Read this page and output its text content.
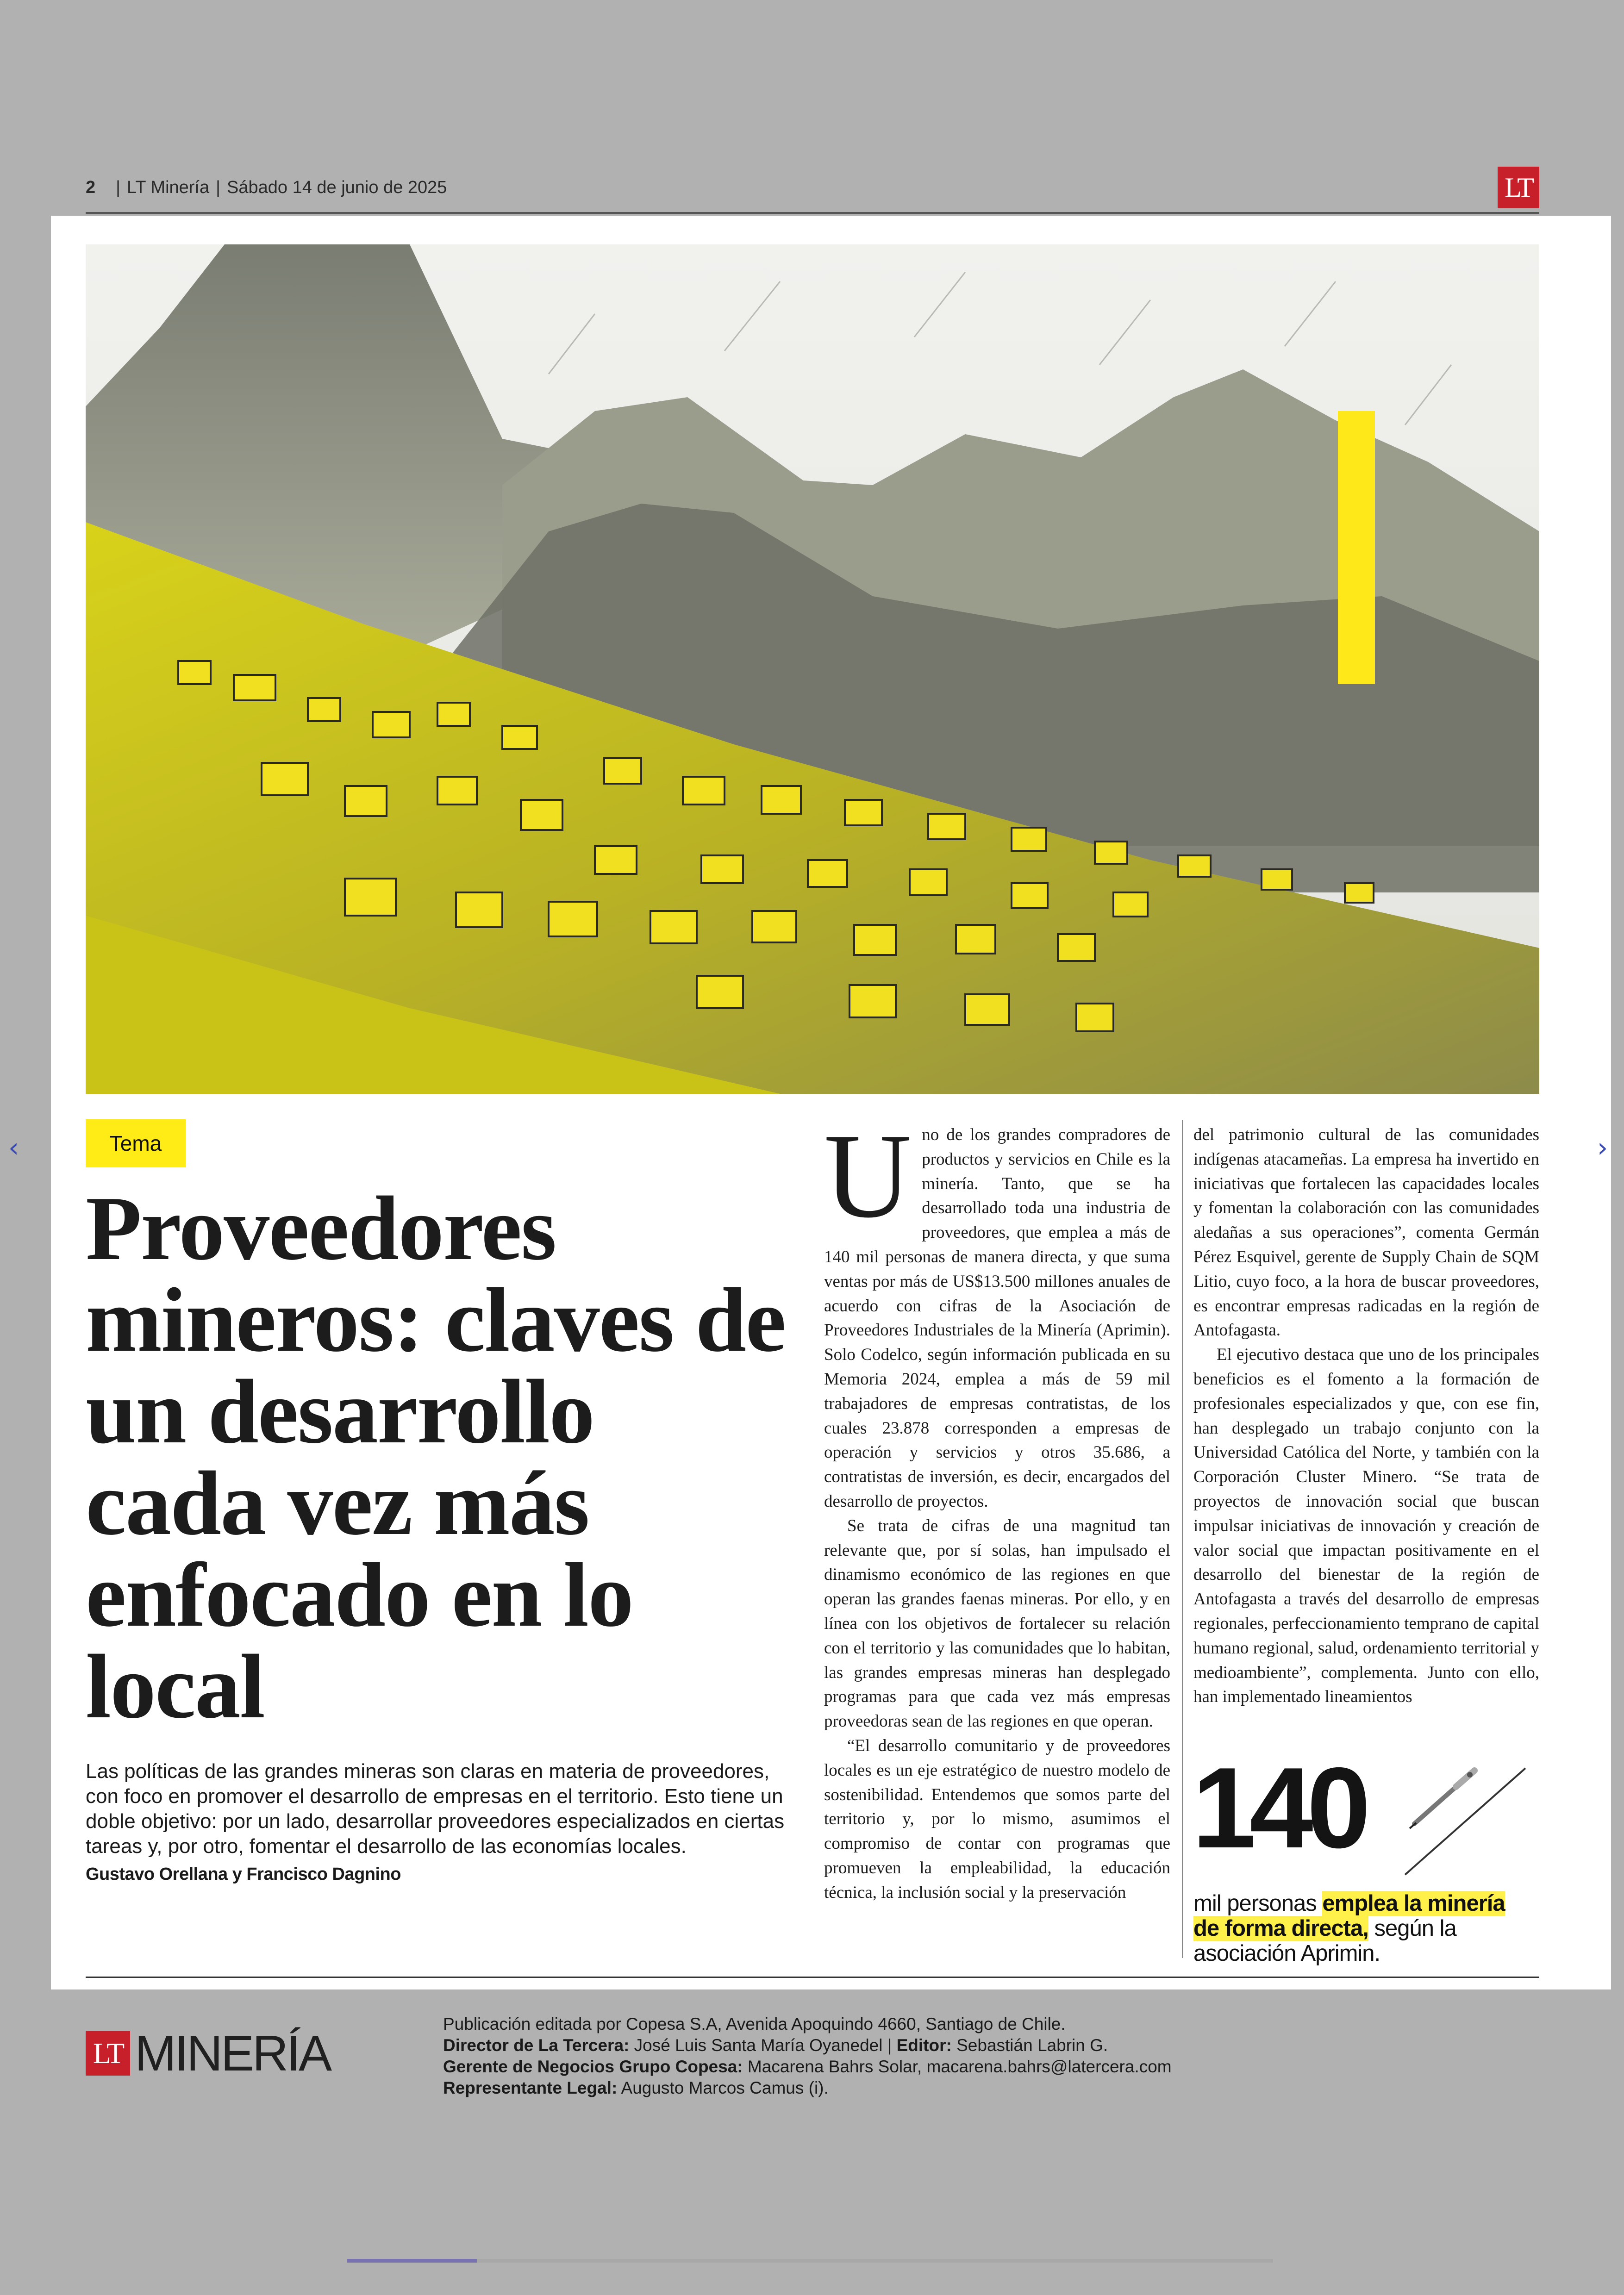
2 | LT Minería | Sábado 14 de junio de 2025	LT
Tema
Proveedores mineros: claves de un desarrollo cada vez más enfocado en lo local

Las políticas de las grandes mineras son claras en materia de proveedores, con foco en promover el desarrollo de empresas en el territorio. Esto tiene un doble objetivo: por un lado, desarrollar proveedores especializados en ciertas tareas y, por otro, fomentar el desarrollo de las economías locales.

Gustavo Orellana y Francisco Dagnino

Uno de los grandes compradores de productos y servicios en Chile es la minería. Tanto, que se ha desarrollado toda una industria de proveedores, que emplea a más de 140 mil personas de manera directa, y que suma ventas por más de US$13.500 millones anuales de acuerdo con cifras de la Asociación de Proveedores Industriales de la Minería (Aprimin). Solo Codelco, según información publicada en su Memoria 2024, emplea a más de 59 mil trabajadores de empresas contratistas, de los cuales 23.878 corresponden a empresas de operación y servicios y otros 35.686, a contratistas de inversión, es decir, encargados del desarrollo de proyectos.

Se trata de cifras de una magnitud tan relevante que, por sí solas, han impulsado el dinamismo económico de las regiones en que operan las grandes faenas mineras. Por ello, y en línea con los objetivos de fortalecer su relación con el territorio y las comunidades que lo habitan, las grandes empresas mineras han desplegado programas para que cada vez más empresas proveedoras sean de las regiones en que operan.

“El desarrollo comunitario y de proveedores locales es un eje estratégico de nuestro modelo de sostenibilidad. Entendemos que somos parte del territorio y, por lo mismo, asumimos el compromiso de contar con programas que promueven la empleabilidad, la educación técnica, la inclusión social y la preservación

del patrimonio cultural de las comunidades indígenas atacameñas. La empresa ha invertido en iniciativas que fortalecen las capacidades locales y fomentan la colaboración con las comunidades aledañas a sus operaciones”, comenta Germán Pérez Esquivel, gerente de Supply Chain de SQM Litio, cuyo foco, a la hora de buscar proveedores, es encontrar empresas radicadas en la región de Antofagasta.

El ejecutivo destaca que uno de los principales beneficios es el fomento a la formación de profesionales especializados y que, con ese fin, han desplegado un trabajo conjunto con la Universidad Católica del Norte, y también con la Corporación Cluster Minero. “Se trata de proyectos de innovación social que buscan impulsar iniciativas de innovación y creación de valor social que impactan positivamente en el desarrollo del bienestar de la región de Antofagasta a través del desarrollo de empresas regionales, perfeccionamiento temprano de capital humano regional, salud, ordenamiento territorial y medioambiente”, complementa. Junto con ello, han implementado lineamientos

140

mil personas emplea la minería de forma directa, según la asociación Aprimin.

LT MINERÍA
Publicación editada por Copesa S.A, Avenida Apoquindo 4660, Santiago de Chile.
Director de La Tercera: José Luis Santa María Oyanedel | Editor: Sebastián Labrin G.
Gerente de Negocios Grupo Copesa: Macarena Bahrs Solar, macarena.bahrs@latercera.com
Representante Legal: Augusto Marcos Camus (i).
‹	›
